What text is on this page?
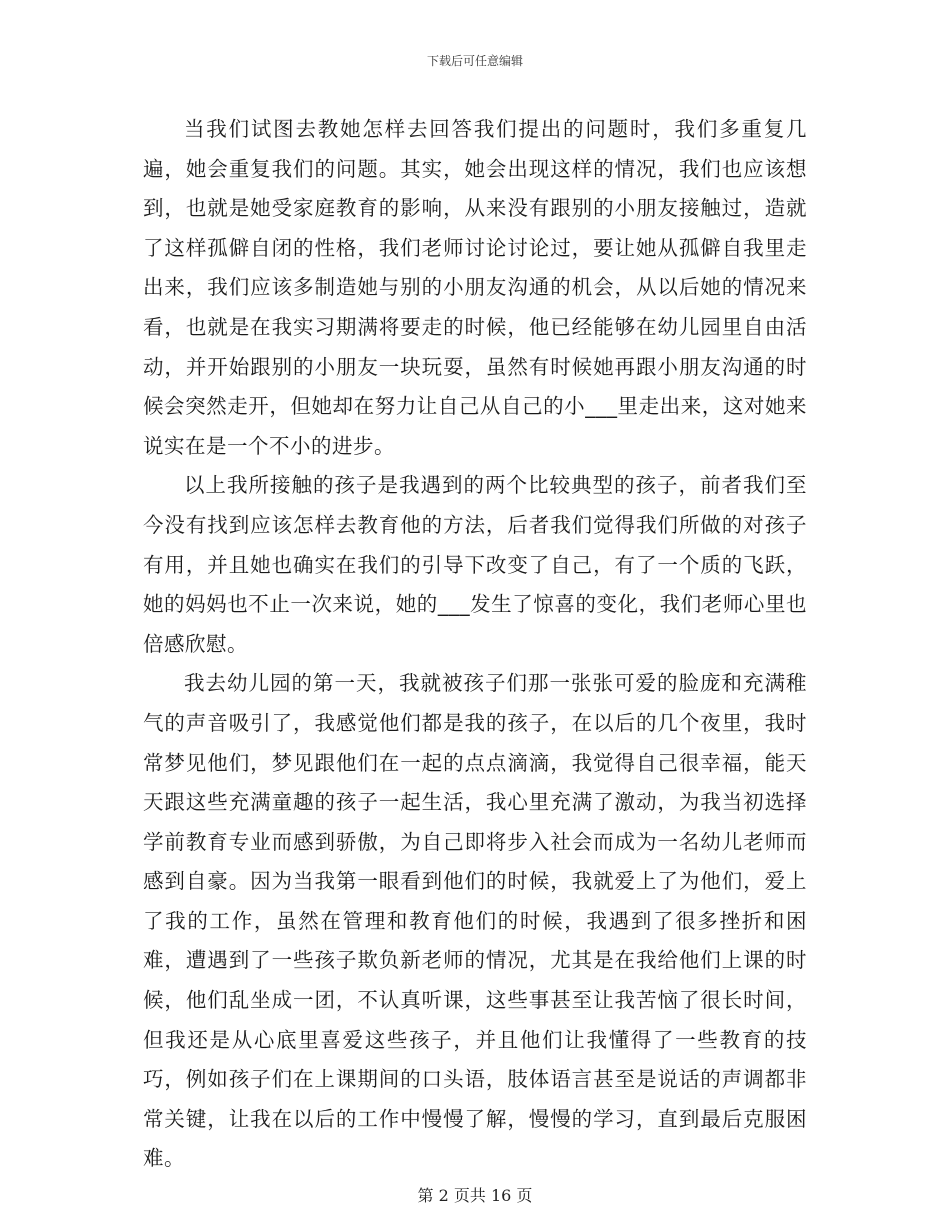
下载后可任意编辑

当我们试图去教她怎样去回答我们提出的问题时，我们多重复几遍，她会重复我们的问题。其实，她会出现这样的情况，我们也应该想到，也就是她受家庭教育的影响，从来没有跟别的小朋友接触过，造就了这样孤僻自闭的性格，我们老师讨论讨论过，要让她从孤僻自我里走出来，我们应该多制造她与别的小朋友沟通的机会，从以后她的情况来看，也就是在我实习期满将要走的时候，他已经能够在幼儿园里自由活动，并开始跟别的小朋友一块玩耍，虽然有时候她再跟小朋友沟通的时候会突然走开，但她却在努力让自己从自己的小___里走出来，这对她来说实在是一个不小的进步。

以上我所接触的孩子是我遇到的两个比较典型的孩子，前者我们至今没有找到应该怎样去教育他的方法，后者我们觉得我们所做的对孩子有用，并且她也确实在我们的引导下改变了自己，有了一个质的飞跃，她的妈妈也不止一次来说，她的___发生了惊喜的变化，我们老师心里也倍感欣慰。

我去幼儿园的第一天，我就被孩子们那一张张可爱的脸庞和充满稚气的声音吸引了，我感觉他们都是我的孩子，在以后的几个夜里，我时常梦见他们，梦见跟他们在一起的点点滴滴，我觉得自己很幸福，能天天跟这些充满童趣的孩子一起生活，我心里充满了激动，为我当初选择学前教育专业而感到骄傲，为自己即将步入社会而成为一名幼儿老师而感到自豪。因为当我第一眼看到他们的时候，我就爱上了为他们，爱上了我的工作，虽然在管理和教育他们的时候，我遇到了很多挫折和困难，遭遇到了一些孩子欺负新老师的情况，尤其是在我给他们上课的时候，他们乱坐成一团，不认真听课，这些事甚至让我苦恼了很长时间，但我还是从心底里喜爱这些孩子，并且他们让我懂得了一些教育的技巧，例如孩子们在上课期间的口头语，肢体语言甚至是说话的声调都非常关键，让我在以后的工作中慢慢了解，慢慢的学习，直到最后克服困难。

第 2 页共 16 页
